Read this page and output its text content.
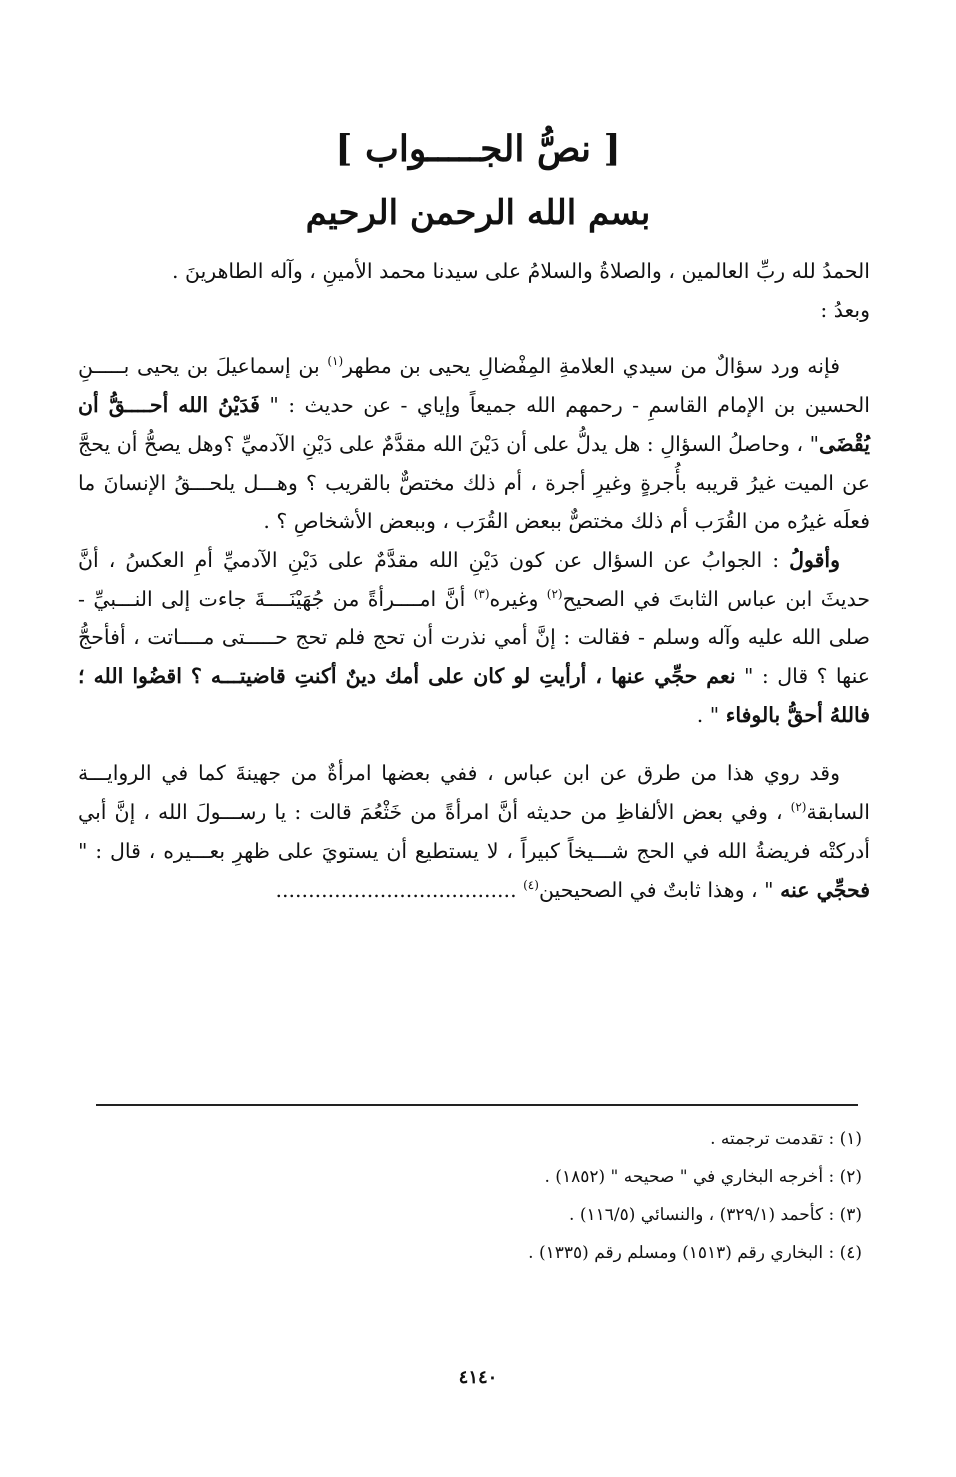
[ نصُّ الجـــــواب ]
بسم الله الرحمن الرحيم

الحمدُ لله ربِّ العالمين ، والصلاةُ والسلامُ على سيدنا محمد الأمينِ ، وآله الطاهرينَ .

وبعدُ :

فإنه ورد سؤالٌ من سيدي العلامةِ المِفْضالِ يحيى بن مطهر$^{(١)}$ بن إسماعيلَ بن يحيى بـــــنِ الحسين بن الإمام القاسمِ - رحمهم الله جميعاً وإياي - عن حديث : " فَدَيْنُ الله أحــــقُّ أن يُقْضَى" ، وحاصلُ السؤالِ : هل يدلُّ على أن دَيْنَ الله مقدَّمٌ على دَيْنِ الآدميِّ ؟وهل يصحُّ أن يحجَّ عن الميت غيرُ قريبه بأُجرةٍ وغيرِ أجرة ، أم ذلك مختصٌّ بالقريب ؟ وهـــل يلحـــقُ الإنسانَ ما فعلَه غيرُه من القُرَب أم ذلك مختصٌّ ببعض القُرَب ، وببعض الأشخاصِ ؟ .

وأقولُ : الجوابُ عن السؤال عن كون دَيْنِ الله مقدَّمٌ على دَيْنِ الآدميِّ أمِ العكسُ ، أنَّ حديثَ ابن عباس الثابتَ في الصحيح$^{(٢)}$ وغيره$^{(٣)}$ أنَّ امــــرأةً من جُهَيْنَــــةَ جاءت إلى النـــبيِّ - صلى الله عليه وآله وسلم - فقالت : إنَّ أمي نذرت أن تحج فلم تحج حـــــتى مــــاتت ، أفأحجُّ عنها ؟ قال : " نعم حجِّي عنها ، أرأيتِ لو كان على أمك دينٌ أكنتِ قاضيتـــه ؟ اقضُوا الله ؛ فاللهُ أحقُّ بالوفاء " .

وقد روي هذا من طرق عن ابن عباس ، ففي بعضها امرأةٌ من جهينةَ كما في الروايـــة السابقة$^{(٢)}$ ، وفي بعض الألفاظِ من حديثه أنَّ امرأةً من خَثْعُمَ قالت : يا رســـولَ الله ، إنَّ أبي أدركتْه فريضةُ الله في الحج شـــيخاً كبيراً ، لا يستطيع أن يستويَ على ظهرِ بعـــيره ، قال : " فحجِّي عنه " ، وهذا ثابتٌ في الصحيحين$^{(٤)}$ .....................................

(١) : تقدمت ترجمته .

(٢) : أخرجه البخاري في " صحيحه " (١٨٥٢) .

(٣) : كأحمد (٣٢٩/١) ، والنسائي (١١٦/٥) .

(٤) : البخاري رقم (١٥١٣) ومسلم رقم (١٣٣٥) .

٤١٤٠
